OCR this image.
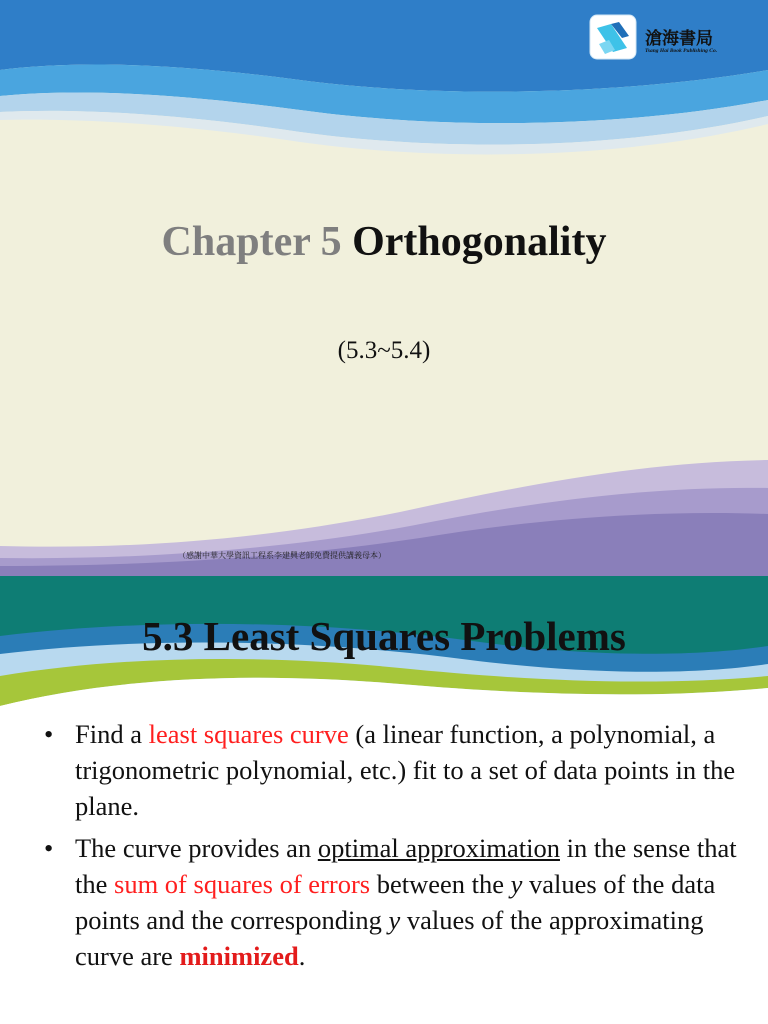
滄海書局
Tsang Hai Book Publishing Co.
Chapter 5 Orthogonality
(5.3~5.4)
（感謝中華大學資訊工程系李建興老師免費提供講義母本）
5.3 Least Squares Problems
• Find a least squares curve (a linear function, a polynomial, a trigonometric polynomial, etc.) fit to a set of data points in the plane.
• The curve provides an optimal approximation in the sense that the sum of squares of errors between the y values of the data points and the corresponding y values of the approximating curve are minimized.
